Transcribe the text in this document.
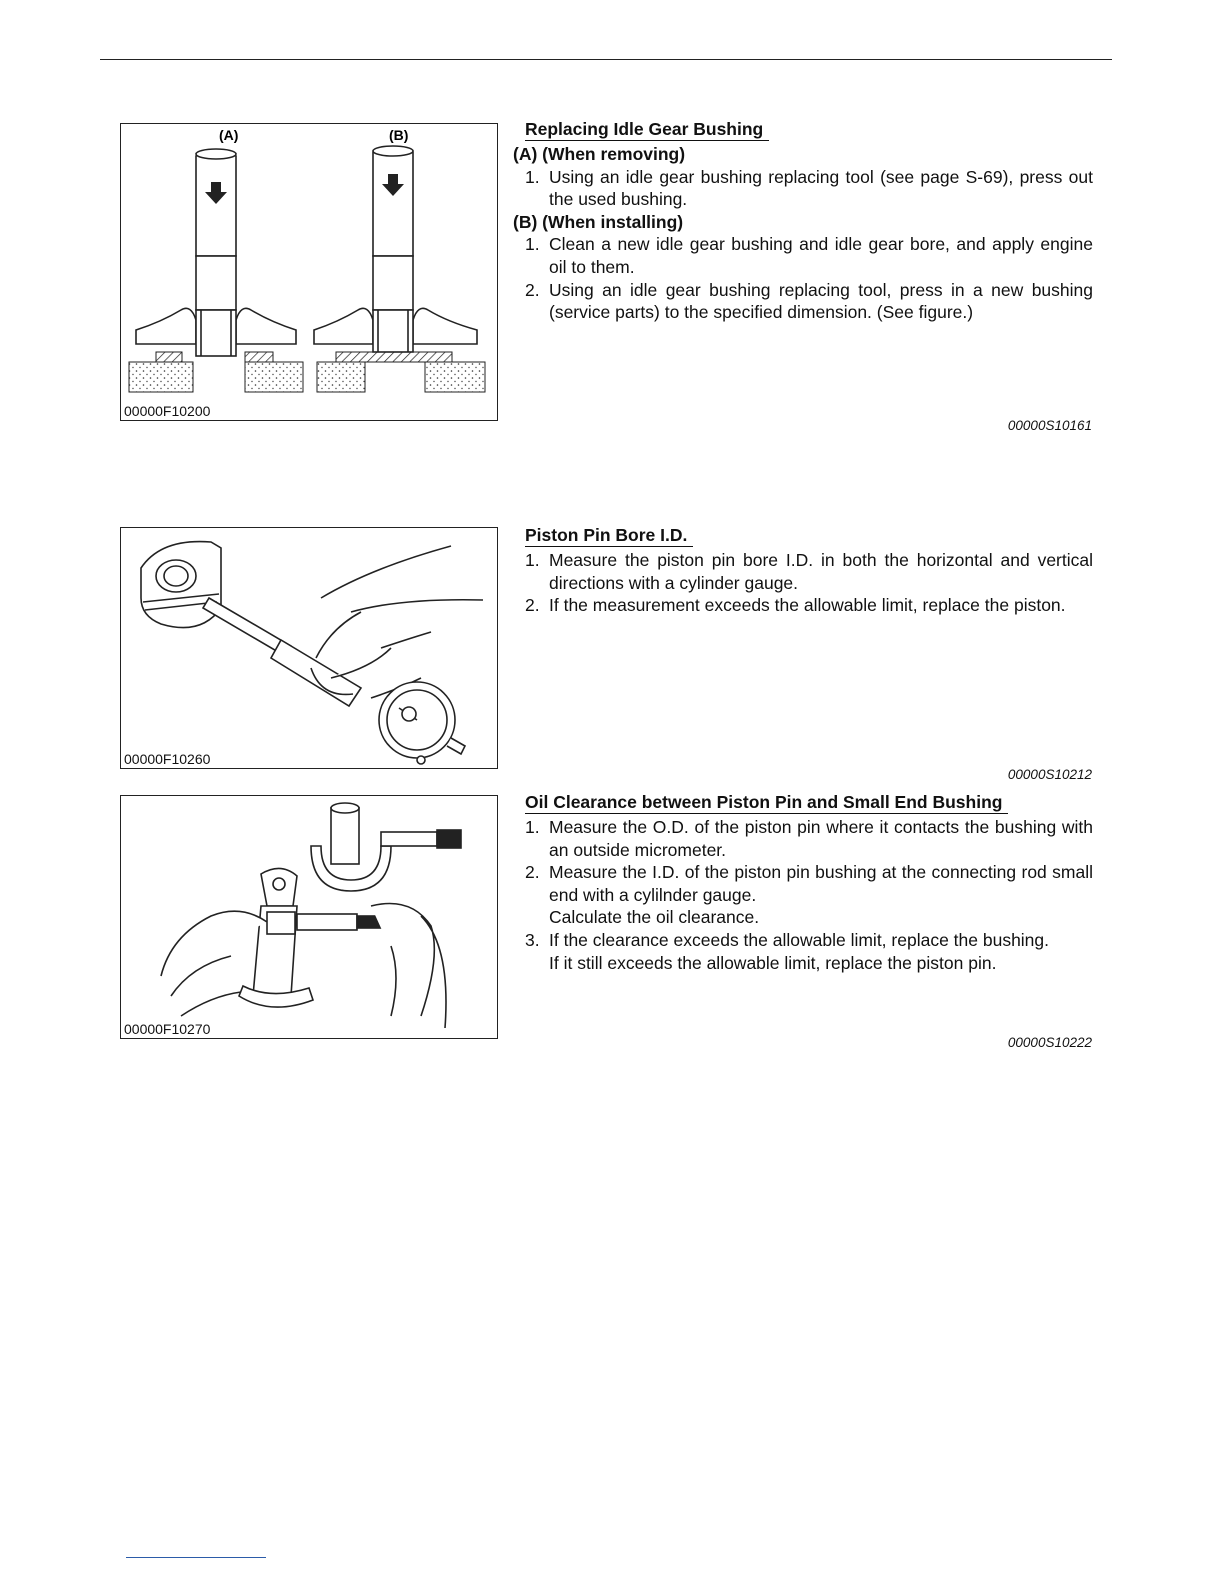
(A)	(B)
00000F10200
Replacing Idle Gear Bushing

(A) (When removing)

1. Using an idle gear bushing replacing tool (see page S-69), press out the used bushing.

(B) (When installing)

1. Clean a new idle gear bushing and idle gear bore, and apply engine oil to them.
2. Using an idle gear bushing replacing tool, press in a new bushing (service parts) to the specified dimension. (See figure.)
00000S10161
00000F10260
Piston Pin Bore I.D.
1. Measure the piston pin bore I.D. in both the horizontal and vertical directions with a cylinder gauge.
2. If the measurement exceeds the allowable limit, replace the piston.
00000S10212
00000F10270
Oil Clearance between Piston Pin and Small End Bushing
1. Measure the O.D. of the piston pin where it contacts the bushing with an outside micrometer.
2. Measure the I.D. of the piston pin bushing at the connecting rod small end with a cylilnder gauge.
Calculate the oil clearance.
3. If the clearance exceeds the allowable limit, replace the bushing.
If it still exceeds the allowable limit, replace the piston pin.
00000S10222
